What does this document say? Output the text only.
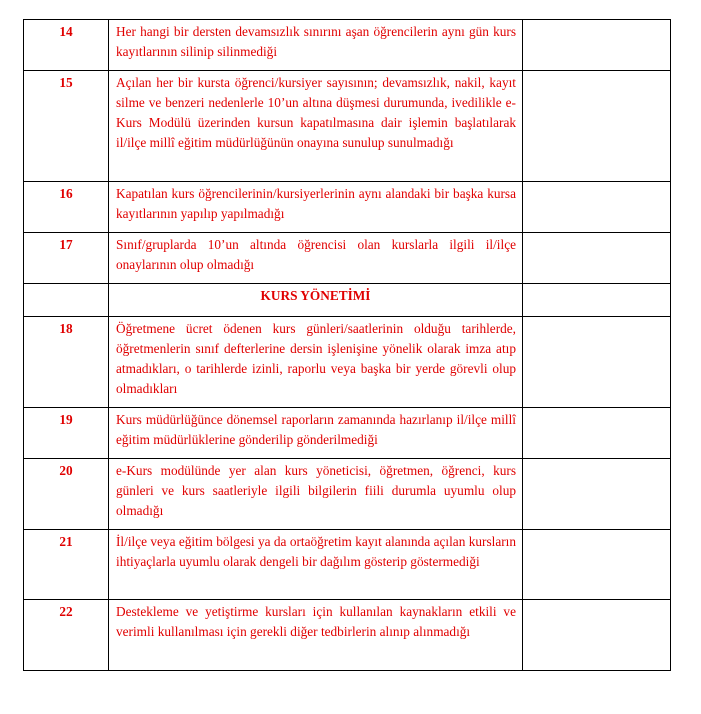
14	Her hangi bir dersten devamsızlık sınırını aşan öğrencilerin aynı gün kurs kayıtlarının silinip silinmediği	
15	Açılan her bir kursta öğrenci/kursiyer sayısının; devamsızlık, nakil, kayıt silme ve benzeri nedenlerle 10’un altına düşmesi durumunda, ivedilikle e-Kurs Modülü üzerinden kursun kapatılmasına dair işlemin başlatılarak il/ilçe millî eğitim müdürlüğünün onayına sunulup sunulmadığı	
16	Kapatılan kurs öğrencilerinin/kursiyerlerinin aynı alandaki bir başka kursa kayıtlarının yapılıp yapılmadığı	
17	Sınıf/gruplarda 10’un altında öğrencisi olan kurslarla ilgili il/ilçe onaylarının olup olmadığı	
	KURS YÖNETİMİ	
18	Öğretmene ücret ödenen kurs günleri/saatlerinin olduğu tarihlerde, öğretmenlerin sınıf defterlerine dersin işlenişine yönelik olarak imza atıp atmadıkları, o tarihlerde izinli, raporlu veya başka bir yerde görevli olup olmadıkları	
19	Kurs müdürlüğünce dönemsel raporların zamanında hazırlanıp il/ilçe millî eğitim müdürlüklerine gönderilip gönderilmediği	
20	e-Kurs modülünde yer alan kurs yöneticisi, öğretmen, öğrenci, kurs günleri ve kurs saatleriyle ilgili bilgilerin fiili durumla uyumlu olup olmadığı	
21	İl/ilçe veya eğitim bölgesi ya da ortaöğretim kayıt alanında açılan kursların ihtiyaçlarla uyumlu olarak dengeli bir dağılım gösterip göstermediği	
22	Destekleme ve yetiştirme kursları için kullanılan kaynakların etkili ve verimli kullanılması için gerekli diğer tedbirlerin alınıp alınmadığı	
